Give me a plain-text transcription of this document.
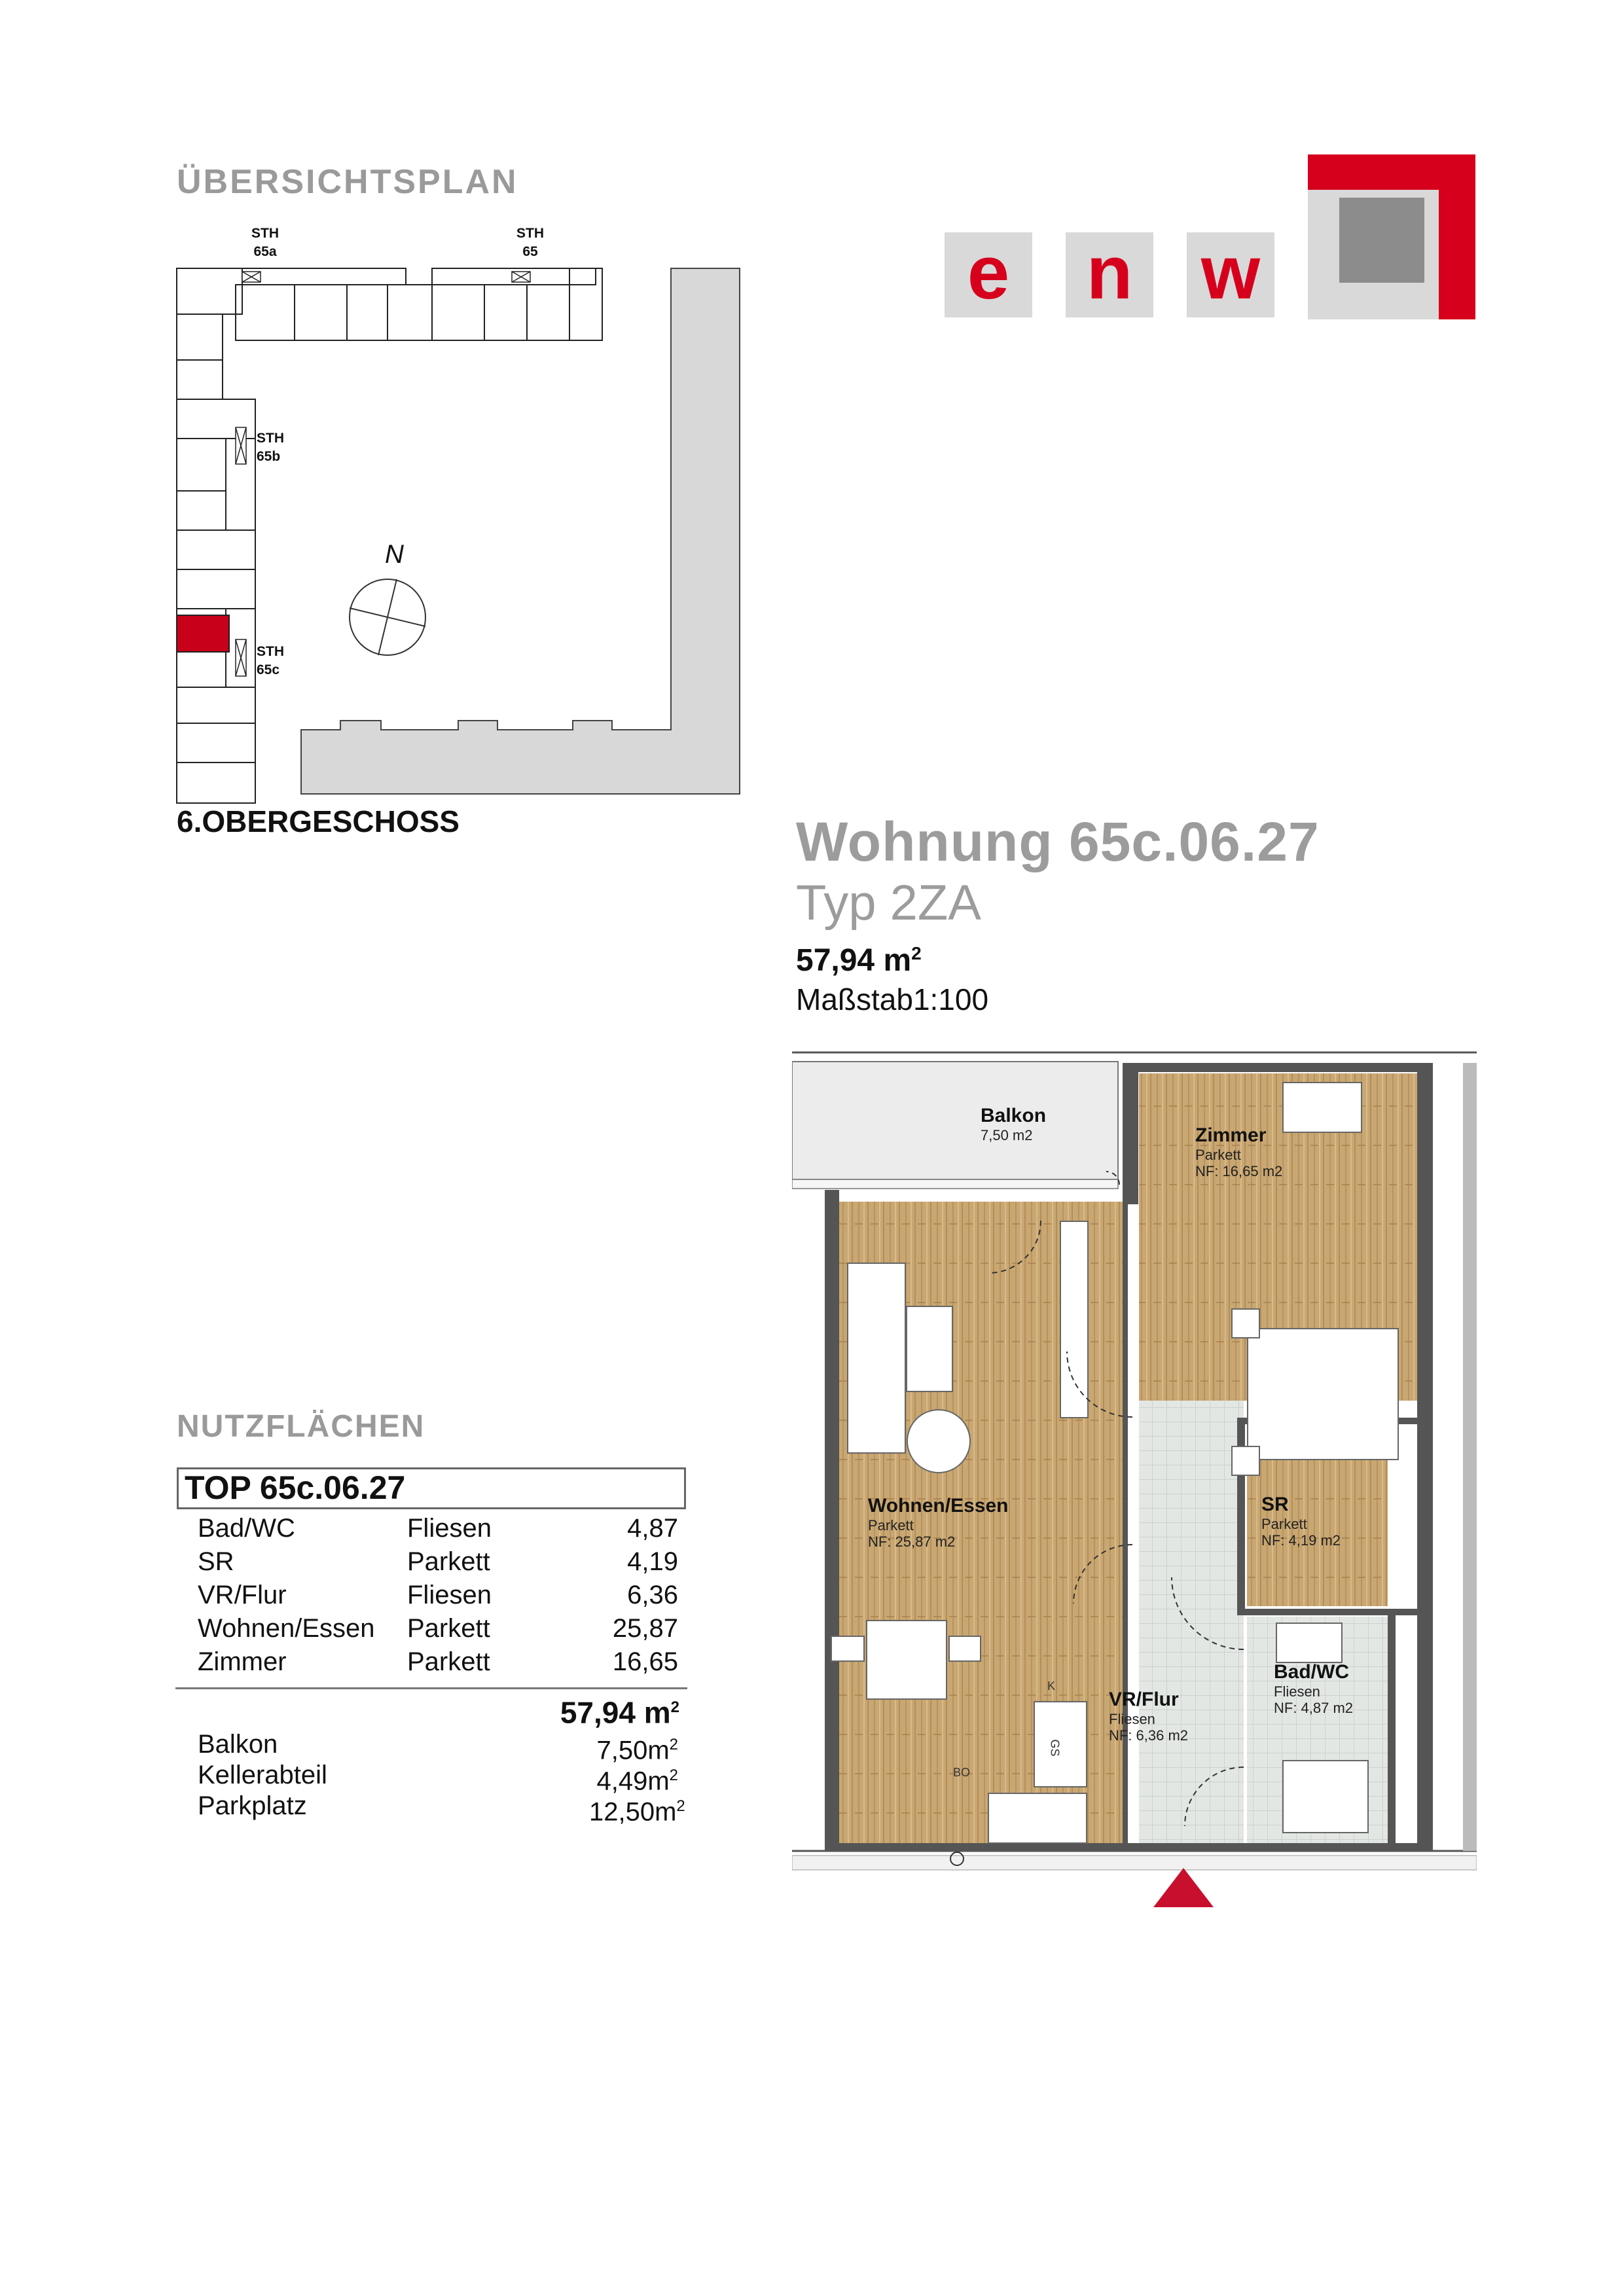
ÜBERSICHTSPLAN
STH
65a
STH
65
STH
65b
STH
65c
N
6.OBERGESCHOSS
e n w
Wohnung 65c.06.27
Typ 2ZA
57,94 $m^2$
Maßstab1:100
NUTZFLÄCHEN
TOP 65c.06.27
Bad/WC	Fliesen	4,87
SR	Parkett	4,19
VR/Flur	Fliesen	6,36
Wohnen/Essen Parkett	25,87
Zimmer	Parkett	16,65
57,94 $m^2$
Balkon	$7,50m^2$
Kellerabteil	$4,49m^2$
Parkplatz	$12,50m^2$
Balkon
7,50 m2	Zimmer
Parkett
NF: 16,65 m2
Wohnen/Essen
Parkett
NF: 25,87 m2
SR
Parkett
NF: 4,19 m2
Bad/WC
Fliesen
NF: 4,87 m2
VR/Flur
Fliesen
NF: 6,36 m2
K
GS
BO
